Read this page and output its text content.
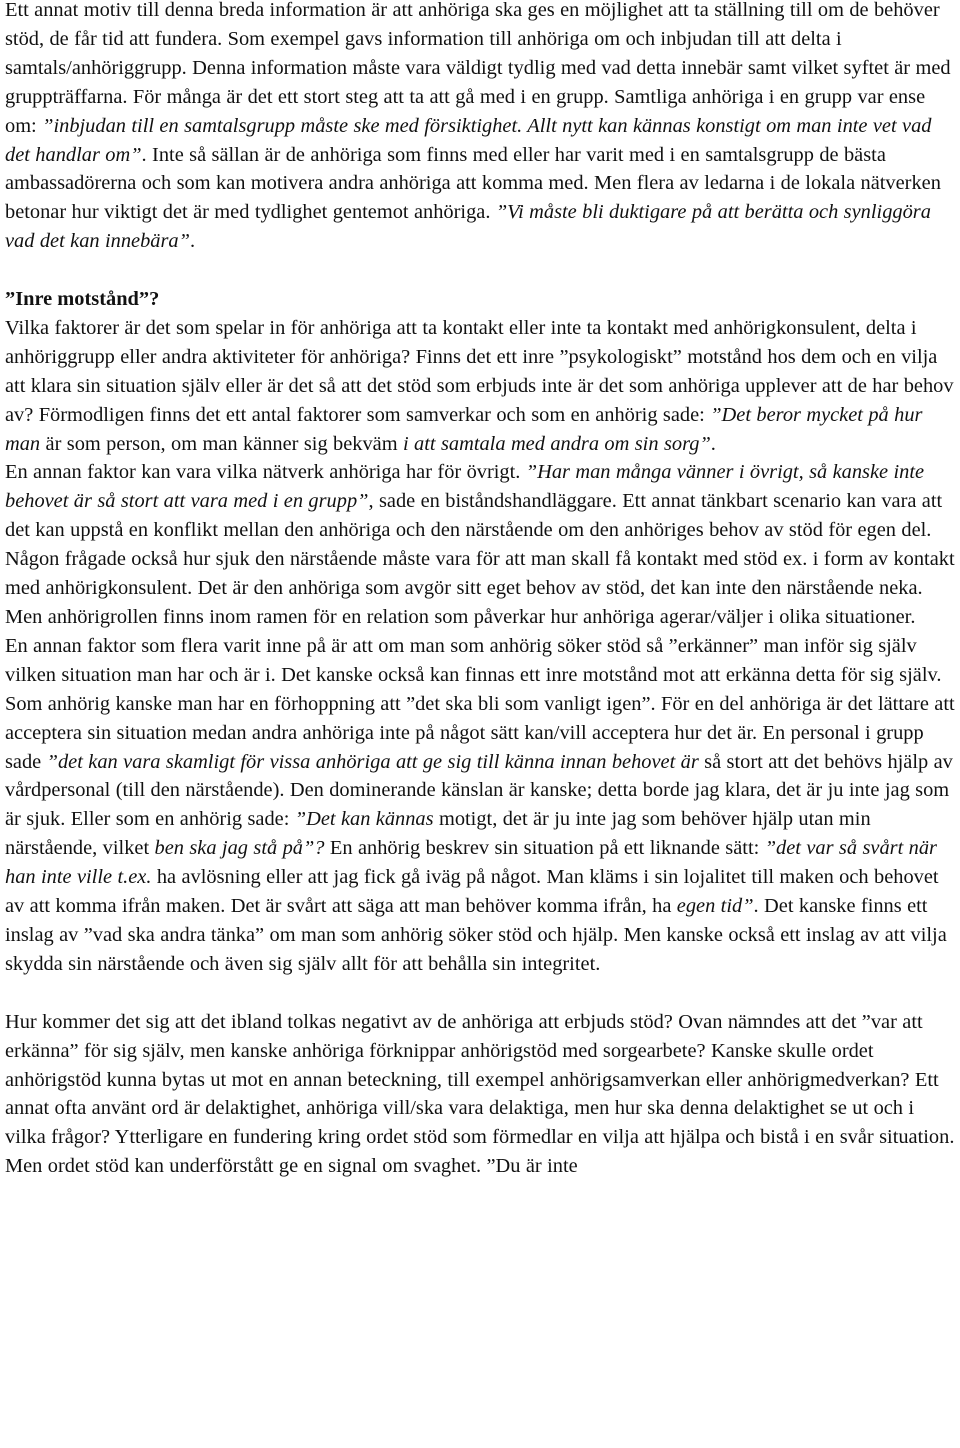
Ett annat motiv till denna breda information är att anhöriga ska ges en möjlighet att ta ställning till om de behöver stöd, de får tid att fundera. Som exempel gavs information till anhöriga om och inbjudan till att delta i samtals/anhöriggrupp. Denna information måste vara väldigt tydlig med vad detta innebär samt vilket syftet är med gruppträffarna. För många är det ett stort steg att ta att gå med i en grupp. Samtliga anhöriga i en grupp var ense om: ”inbjudan till en samtalsgrupp måste ske med försiktighet. Allt nytt kan kännas konstigt om man inte vet vad det handlar om”. Inte så sällan är de anhöriga som finns med eller har varit med i en samtalsgrupp de bästa ambassadörerna och som kan motivera andra anhöriga att komma med. Men flera av ledarna i de lokala nätverken betonar hur viktigt det är med tydlighet gentemot anhöriga. ”Vi måste bli duktigare på att berätta och synliggöra vad det kan innebära”.

”Inre motstånd”?

Vilka faktorer är det som spelar in för anhöriga att ta kontakt eller inte ta kontakt med anhörigkonsulent, delta i anhöriggrupp eller andra aktiviteter för anhöriga? Finns det ett inre ”psykologiskt” motstånd hos dem och en vilja att klara sin situation själv eller är det så att det stöd som erbjuds inte är det som anhöriga upplever att de har behov av? Förmodligen finns det ett antal faktorer som samverkar och som en anhörig sade: ”Det beror mycket på hur man är som person, om man känner sig bekväm i att samtala med andra om sin sorg”.

En annan faktor kan vara vilka nätverk anhöriga har för övrigt. ”Har man många vänner i övrigt, så kanske inte behovet är så stort att vara med i en grupp”, sade en biståndshandläggare. Ett annat tänkbart scenario kan vara att det kan uppstå en konflikt mellan den anhöriga och den närstående om den anhöriges behov av stöd för egen del. Någon frågade också hur sjuk den närstående måste vara för att man skall få kontakt med stöd ex. i form av kontakt med anhörigkonsulent. Det är den anhöriga som avgör sitt eget behov av stöd, det kan inte den närstående neka. Men anhörigrollen finns inom ramen för en relation som påverkar hur anhöriga agerar/väljer i olika situationer.

En annan faktor som flera varit inne på är att om man som anhörig söker stöd så ”erkänner” man inför sig själv vilken situation man har och är i. Det kanske också kan finnas ett inre motstånd mot att erkänna detta för sig själv. Som anhörig kanske man har en förhoppning att ”det ska bli som vanligt igen”. För en del anhöriga är det lättare att acceptera sin situation medan andra anhöriga inte på något sätt kan/vill acceptera hur det är. En personal i grupp sade ”det kan vara skamligt för vissa anhöriga att ge sig till känna innan behovet är så stort att det behövs hjälp av vårdpersonal (till den närstående). Den dominerande känslan är kanske; detta borde jag klara, det är ju inte jag som är sjuk. Eller som en anhörig sade: ”Det kan kännas motigt, det är ju inte jag som behöver hjälp utan min närstående, vilket ben ska jag stå på”? En anhörig beskrev sin situation på ett liknande sätt: ”det var så svårt när han inte ville t.ex. ha avlösning eller att jag fick gå iväg på något. Man kläms i sin lojalitet till maken och behovet av att komma ifrån maken. Det är svårt att säga att man behöver komma ifrån, ha egen tid”. Det kanske finns ett inslag av ”vad ska andra tänka” om man som anhörig söker stöd och hjälp. Men kanske också ett inslag av att vilja skydda sin närstående och även sig själv allt för att behålla sin integritet.

Hur kommer det sig att det ibland tolkas negativt av de anhöriga att erbjuds stöd? Ovan nämndes att det ”var att erkänna” för sig själv, men kanske anhöriga förknippar anhörigstöd med sorgearbete? Kanske skulle ordet anhörigstöd kunna bytas ut mot en annan beteckning, till exempel anhörigsamverkan eller anhörigmedverkan? Ett annat ofta använt ord är delaktighet, anhöriga vill/ska vara delaktiga, men hur ska denna delaktighet se ut och i vilka frågor? Ytterligare en fundering kring ordet stöd som förmedlar en vilja att hjälpa och bistå i en svår situation. Men ordet stöd kan underförstått ge en signal om svaghet. ”Du är inte
